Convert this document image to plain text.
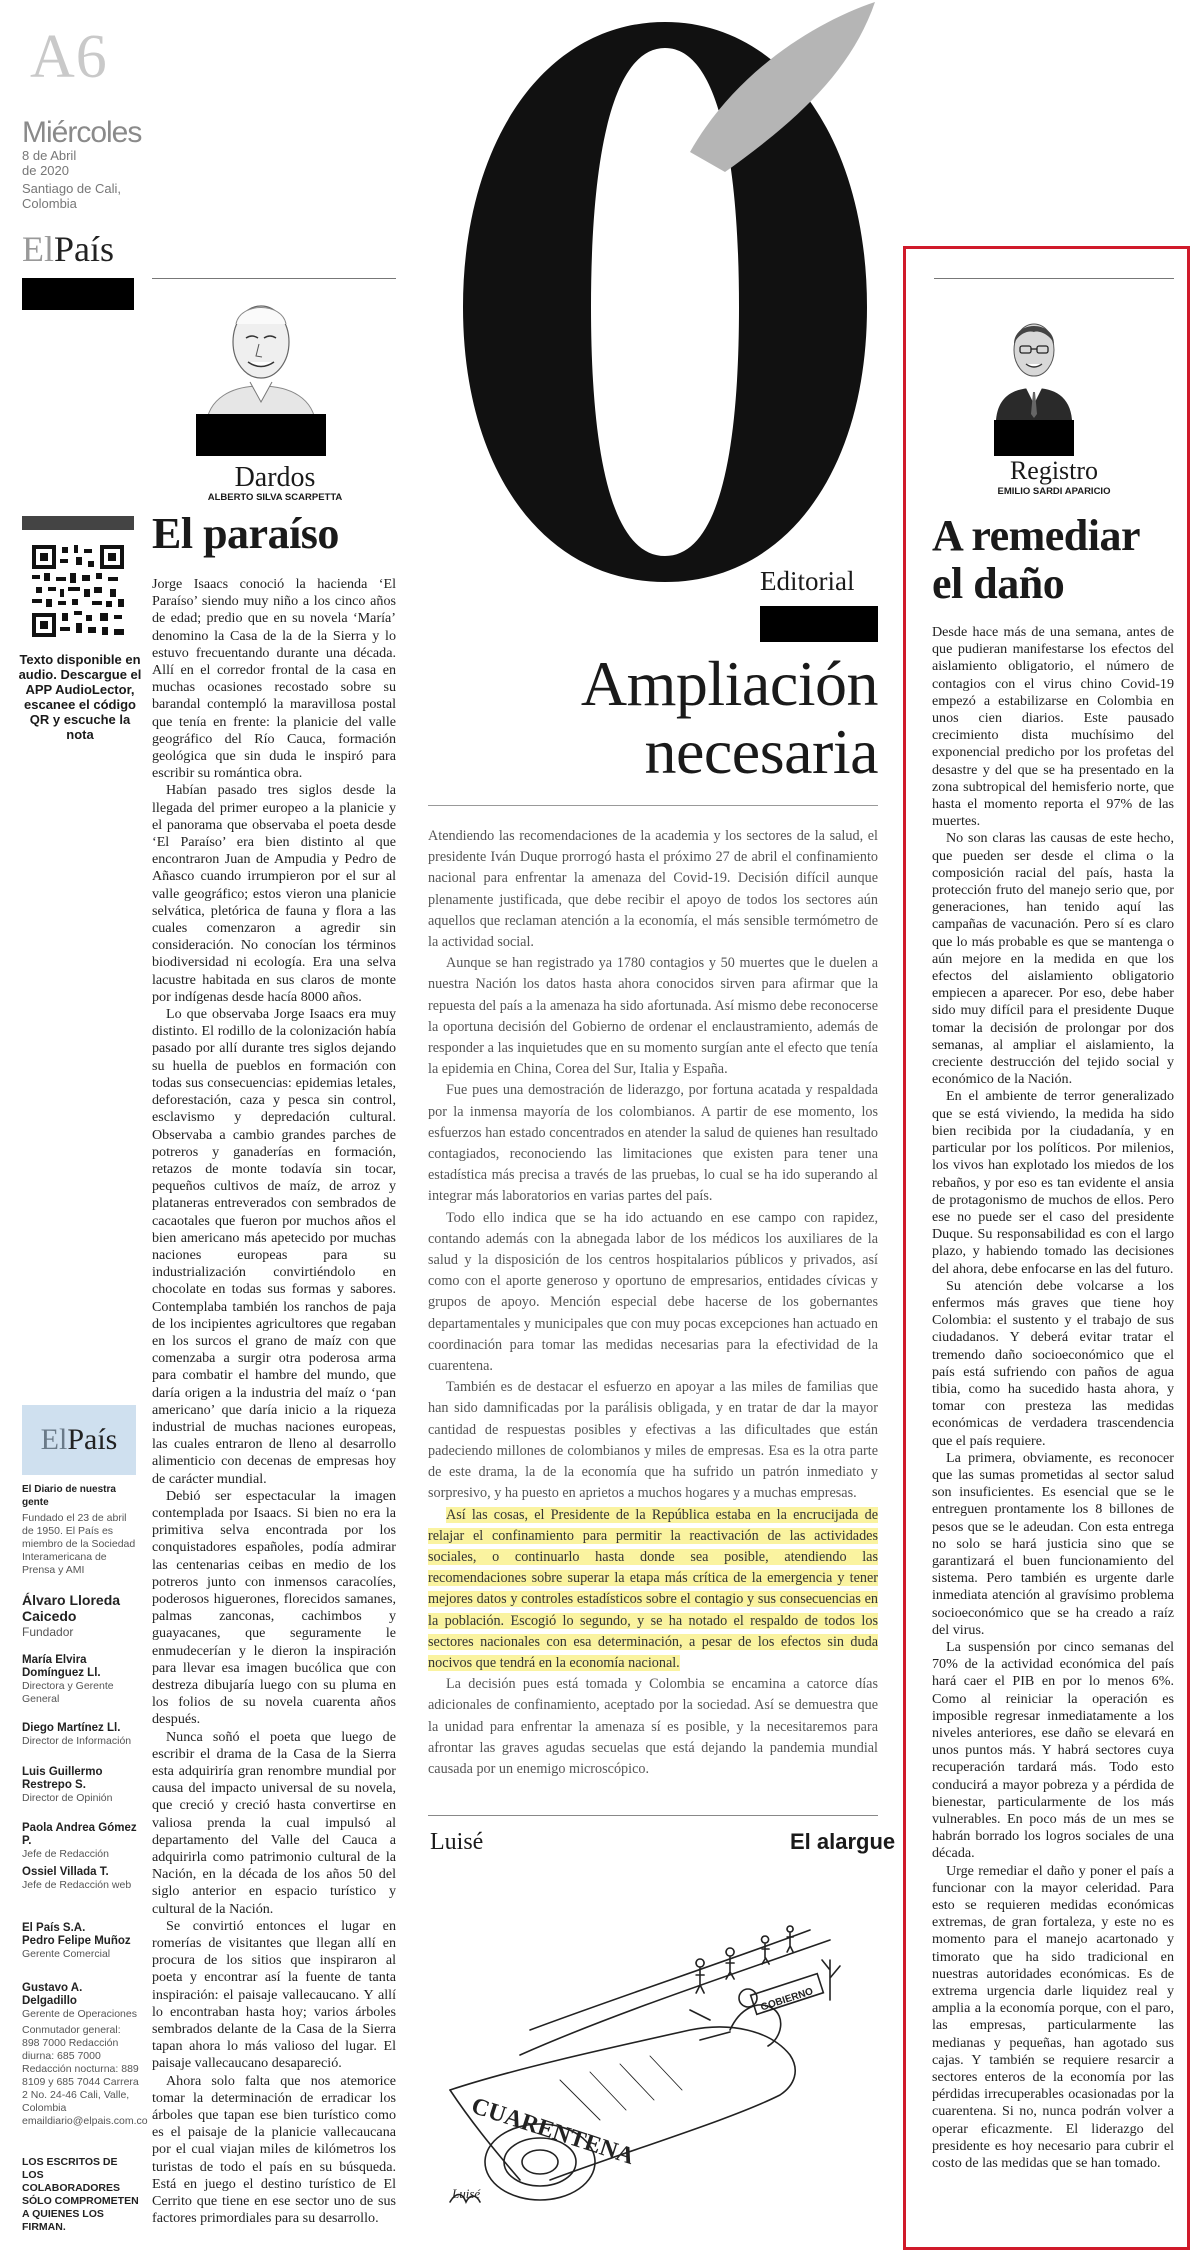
A6
Miércoles
8 de Abril
de 2020
Santiago de Cali,
Colombia
ElPaís
Texto disponible en audio. Descargue el APP AudioLector, escanee el código QR y escuche la nota
El País
El Diario de nuestra gente
Fundado el 23 de abril de 1950. El País es miembro de la Sociedad Interamericana de Prensa y AMI
Álvaro Lloreda Caicedo
Fundador
María Elvira Domínguez Ll.
Directora y Gerente General
Diego Martínez Ll.
Director de Información
Luis Guillermo Restrepo S.
Director de Opinión
Paola Andrea Gómez P.
Jefe de Redacción
Ossiel Villada T.
Jefe de Redacción web
El País S.A.
Pedro Felipe Muñoz
Gerente Comercial
Gustavo A. Delgadillo
Gerente de Operaciones
Conmutador general: 898 7000 Redacción diurna: 685 7000 Redacción nocturna: 889 8109 y 685 7044 Carrera 2 No. 24-46 Cali, Valle, Colombia emaildiario@elpais.com.co
LOS ESCRITOS DE LOS COLABORADORES SÓLO COMPROMETEN A QUIENES LOS FIRMAN.
Dardos
ALBERTO SILVA SCARPETTA
El paraíso

Jorge Isaacs conoció la hacienda ‘El Paraíso’ siendo muy niño a los cinco años de edad; predio que en su novela ‘María’ denomino la Casa de la de la Sierra y lo estuvo frecuentando durante una década. Allí en el corredor frontal de la casa en muchas ocasiones recostado sobre su barandal contempló la maravillosa postal que tenía en frente: la planicie del valle geográfico del Río Cauca, formación geológica que sin duda le inspiró para escribir su romántica obra.

Habían pasado tres siglos desde la llegada del primer europeo a la planicie y el panorama que observaba el poeta desde ‘El Paraíso’ era bien distinto al que encontraron Juan de Ampudia y Pedro de Añasco cuando irrumpieron por el sur al valle geográfico; estos vieron una planicie selvática, pletórica de fauna y flora a las cuales comenzaron a agredir sin consideración. No conocían los términos biodiversidad ni ecología. Era una selva lacustre habitada en sus claros de monte por indígenas desde hacía 8000 años.

Lo que observaba Jorge Isaacs era muy distinto. El rodillo de la colonización había pasado por allí durante tres siglos dejando su huella de pueblos en formación con todas sus consecuencias: epidemias letales, deforestación, caza y pesca sin control, esclavismo y depredación cultural. Observaba a cambio grandes parches de potreros y ganaderías en formación, retazos de monte todavía sin tocar, pequeños cultivos de maíz, de arroz y plataneras entreverados con sembrados de cacaotales que fueron por muchos años el bien americano más apetecido por muchas naciones europeas para su industrialización convirtiéndolo en chocolate en todas sus formas y sabores. Contemplaba también los ranchos de paja de los incipientes agricultores que regaban en los surcos el grano de maíz con que comenzaba a surgir otra poderosa arma para combatir el hambre del mundo, que daría origen a la industria del maíz o ‘pan americano’ que daría inicio a la riqueza industrial de muchas naciones europeas, las cuales entraron de lleno al desarrollo alimenticio con decenas de empresas hoy de carácter mundial.

Debió ser espectacular la imagen contemplada por Isaacs. Si bien no era la primitiva selva encontrada por los conquistadores españoles, podía admirar las centenarias ceibas en medio de los potreros junto con inmensos caracolíes, poderosos higuerones, florecidos samanes, palmas zanconas, cachimbos y guayacanes, que seguramente le enmudecerían y le dieron la inspiración para llevar esa imagen bucólica que con destreza dibujaría luego con su pluma en los folios de su novela cuarenta años después.

Nunca soñó el poeta que luego de escribir el drama de la Casa de la Sierra esta adquiriría gran renombre mundial por causa del impacto universal de su novela, que creció y creció hasta convertirse en valiosa prenda la cual impulsó al departamento del Valle del Cauca a adquirirla como patrimonio cultural de la Nación, en la década de los años 50 del siglo anterior en espacio turístico y cultural de la Nación.

Se convirtió entonces el lugar en romerías de visitantes que llegan allí en procura de los sitios que inspiraron al poeta y encontrar así la fuente de tanta inspiración: el paisaje vallecaucano. Y allí lo encontraban hasta hoy; varios árboles sembrados delante de la Casa de la Sierra tapan ahora lo más valioso del lugar. El paisaje vallecaucano desapareció.

Ahora solo falta que nos atemorice tomar la determinación de erradicar los árboles que tapan ese bien turístico como es el paisaje de la planicie vallecaucana por el cual viajan miles de kilómetros los turistas de todo el país en su búsqueda. Está en juego el destino turístico de El Cerrito que tiene en ese sector uno de sus factores primordiales para su desarrollo.

Editorial
Ampliación
necesaria

Atendiendo las recomendaciones de la academia y los sectores de la salud, el presidente Iván Duque prorrogó hasta el próximo 27 de abril el confinamiento nacional para enfrentar la amenaza del Covid-19. Decisión difícil aunque plenamente justificada, que debe recibir el apoyo de todos los sectores aún aquellos que reclaman atención a la economía, el más sensible termómetro de la actividad social.

Aunque se han registrado ya 1780 contagios y 50 muertes que le duelen a nuestra Nación los datos hasta ahora conocidos sirven para afirmar que la repuesta del país a la amenaza ha sido afortunada. Así mismo debe reconocerse la oportuna decisión del Gobierno de ordenar el enclaustramiento, además de responder a las inquietudes que en su momento surgían ante el efecto que tenía la epidemia en China, Corea del Sur, Italia y España.

Fue pues una demostración de liderazgo, por fortuna acatada y respaldada por la inmensa mayoría de los colombianos. A partir de ese momento, los esfuerzos han estado concentrados en atender la salud de quienes han resultado contagiados, reconociendo las limitaciones que existen para tener una estadística más precisa a través de las pruebas, lo cual se ha ido superando al integrar más laboratorios en varias partes del país.

Todo ello indica que se ha ido actuando en ese campo con rapidez, contando además con la abnegada labor de los médicos los auxiliares de la salud y la disposición de los centros hospitalarios públicos y privados, así como con el aporte generoso y oportuno de empresarios, entidades cívicas y grupos de apoyo. Mención especial debe hacerse de los gobernantes departamentales y municipales que con muy pocas excepciones han actuado en coordinación para tomar las medidas necesarias para la efectividad de la cuarentena.

También es de destacar el esfuerzo en apoyar a las miles de familias que han sido damnificadas por la parálisis obligada, y en tratar de dar la mayor cantidad de respuestas posibles y efectivas a las dificultades que están padeciendo millones de colombianos y miles de empresas. Esa es la otra parte de este drama, la de la economía que ha sufrido un patrón inmediato y sorpresivo, y ha puesto en aprietos a muchos hogares y a muchas empresas.

Así las cosas, el Presidente de la República estaba en la encrucijada de relajar el confinamiento para permitir la reactivación de las actividades sociales, o continuarlo hasta donde sea posible, atendiendo las recomendaciones sobre superar la etapa más crítica de la emergencia y tener mejores datos y controles estadísticos sobre el contagio y sus consecuencias en la población. Escogió lo segundo, y se ha notado el respaldo de todos los sectores nacionales con esa determinación, a pesar de los efectos sin duda nocivos que tendrá en la economía nacional.

La decisión pues está tomada y Colombia se encamina a catorce días adicionales de confinamiento, aceptado por la sociedad. Así se demuestra que la unidad para enfrentar la amenaza sí es posible, y la necesitaremos para afrontar las graves agudas secuelas que está dejando la pandemia mundial causada por un enemigo microscópico.

Luisé	El alargue
CUARENTENA
GOBIERNO
Luisé
Registro
EMILIO SARDI APARICIO
A remediar
el daño

Desde hace más de una semana, antes de que pudieran manifestarse los efectos del aislamiento obligatorio, el número de contagios con el virus chino Covid-19 empezó a estabilizarse en Colombia en unos cien diarios. Este pausado crecimiento dista muchísimo del exponencial predicho por los profetas del desastre y del que se ha presentado en la zona subtropical del hemisferio norte, que hasta el momento reporta el 97% de las muertes.

No son claras las causas de este hecho, que pueden ser desde el clima o la composición racial del país, hasta la protección fruto del manejo serio que, por generaciones, han tenido aquí las campañas de vacunación. Pero sí es claro que lo más probable es que se mantenga o aún mejore en la medida en que los efectos del aislamiento obligatorio empiecen a aparecer. Por eso, debe haber sido muy difícil para el presidente Duque tomar la decisión de prolongar por dos semanas, al ampliar el aislamiento, la creciente destrucción del tejido social y económico de la Nación.

En el ambiente de terror generalizado que se está viviendo, la medida ha sido bien recibida por la ciudadanía, y en particular por los políticos. Por milenios, los vivos han explotado los miedos de los rebaños, y por eso es tan evidente el ansia de protagonismo de muchos de ellos. Pero ese no puede ser el caso del presidente Duque. Su responsabilidad es con el largo plazo, y habiendo tomado las decisiones del ahora, debe enfocarse en las del futuro.

Su atención debe volcarse a los enfermos más graves que tiene hoy Colombia: el sustento y el trabajo de sus ciudadanos. Y deberá evitar tratar el tremendo daño socioeconómico que el país está sufriendo con paños de agua tibia, como ha sucedido hasta ahora, y tomar con presteza las medidas económicas de verdadera trascendencia que el país requiere.

La primera, obviamente, es reconocer que las sumas prometidas al sector salud son insuficientes. Es esencial que se le entreguen prontamente los 8 billones de pesos que se le adeudan. Con esta entrega no solo se hará justicia sino que se garantizará el buen funcionamiento del sistema. Pero también es urgente darle inmediata atención al gravísimo problema socioeconómico que se ha creado a raíz del virus.

La suspensión por cinco semanas del 70% de la actividad económica del país hará caer el PIB en por lo menos 6%. Como al reiniciar la operación es imposible regresar inmediatamente a los niveles anteriores, ese daño se elevará en unos puntos más. Y habrá sectores cuya recuperación tardará más. Todo esto conducirá a mayor pobreza y a pérdida de bienestar, particularmente de los más vulnerables. En poco más de un mes se habrán borrado los logros sociales de una década.

Urge remediar el daño y poner el país a funcionar con la mayor celeridad. Para esto se requieren medidas económicas extremas, de gran fortaleza, y este no es momento para el manejo acartonado y timorato que ha sido tradicional en nuestras autoridades económicas. Es de extrema urgencia darle liquidez real y amplia a la economía porque, con el paro, las empresas, particularmente las medianas y pequeñas, han agotado sus cajas. Y también se requiere resarcir a sectores enteros de la economía por las pérdidas irrecuperables ocasionadas por la cuarentena. Si no, nunca podrán volver a operar eficazmente. El liderazgo del presidente es hoy necesario para cubrir el costo de las medidas que se han tomado.
